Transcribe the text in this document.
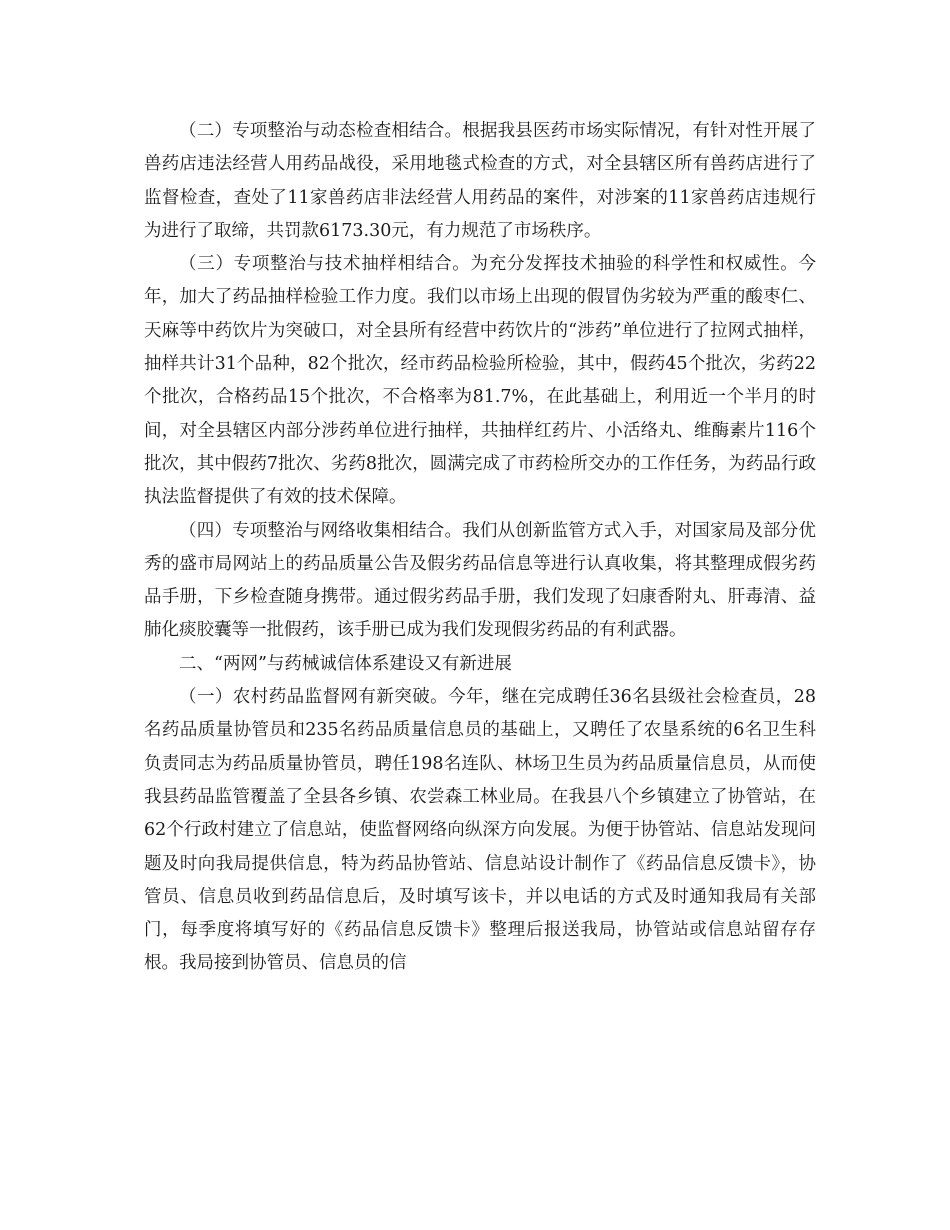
（二）专项整治与动态检查相结合。根据我县医药市场实际情况，有针对性开展了兽药店违法经营人用药品战役，采用地毯式检查的方式，对全县辖区所有兽药店进行了监督检查，查处了11家兽药店非法经营人用药品的案件，对涉案的11家兽药店违规行为进行了取缔，共罚款6173.30元，有力规范了市场秩序。

（三）专项整治与技术抽样相结合。为充分发挥技术抽验的科学性和权威性。今年，加大了药品抽样检验工作力度。我们以市场上出现的假冒伪劣较为严重的酸枣仁、天麻等中药饮片为突破口，对全县所有经营中药饮片的“涉药”单位进行了拉网式抽样，抽样共计31个品种，82个批次，经市药品检验所检验，其中，假药45个批次，劣药22个批次，合格药品15个批次，不合格率为81.7%，在此基础上，利用近一个半月的时间，对全县辖区内部分涉药单位进行抽样，共抽样红药片、小活络丸、维酶素片116个批次，其中假药7批次、劣药8批次，圆满完成了市药检所交办的工作任务，为药品行政执法监督提供了有效的技术保障。

（四）专项整治与网络收集相结合。我们从创新监管方式入手，对国家局及部分优秀的盛市局网站上的药品质量公告及假劣药品信息等进行认真收集，将其整理成假劣药品手册，下乡检查随身携带。通过假劣药品手册，我们发现了妇康香附丸、肝毒清、益肺化痰胶囊等一批假药，该手册已成为我们发现假劣药品的有利武器。

二、“两网”与药械诚信体系建设又有新进展

（一）农村药品监督网有新突破。今年，继在完成聘任36名县级社会检查员，28名药品质量协管员和235名药品质量信息员的基础上，又聘任了农垦系统的6名卫生科负责同志为药品质量协管员，聘任198名连队、林场卫生员为药品质量信息员，从而使我县药品监管覆盖了全县各乡镇、农尝森工林业局。在我县八个乡镇建立了协管站，在62个行政村建立了信息站，使监督网络向纵深方向发展。为便于协管站、信息站发现问题及时向我局提供信息，特为药品协管站、信息站设计制作了《药品信息反馈卡》，协管员、信息员收到药品信息后，及时填写该卡，并以电话的方式及时通知我局有关部门，每季度将填写好的《药品信息反馈卡》整理后报送我局，协管站或信息站留存存根。我局接到协管员、信息员的信
